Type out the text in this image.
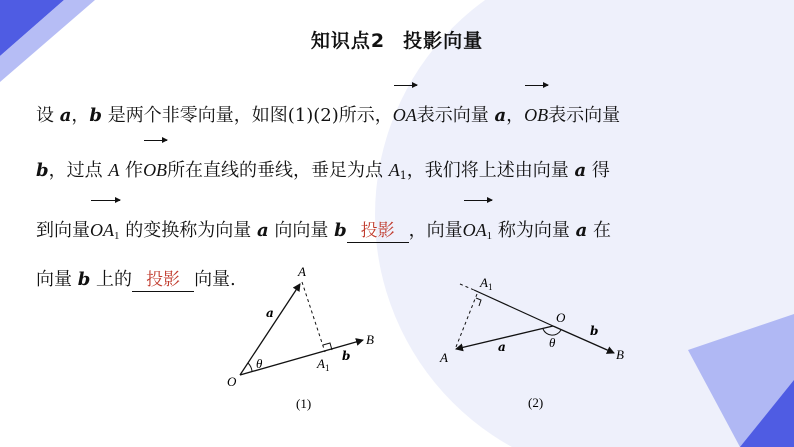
知识点2 投影向量
设 a，b 是两个非零向量，如图(1)(2)所示，OA表示向量 a，OB表示向量
b，过点 A 作OB所在直线的垂线，垂足为点 $A_1$，我们将上述由向量 a 得
到向量$OA_1$ 的变换称为向量 a 向向量 b 投影 ，向量$OA_1$ 称为向量 a 在
向量 b 上的 投影 向量.	A
B
O
$A_1$
θ
a
b
(1)
$A_1$
A
O
B
θ
a
b
(2)
